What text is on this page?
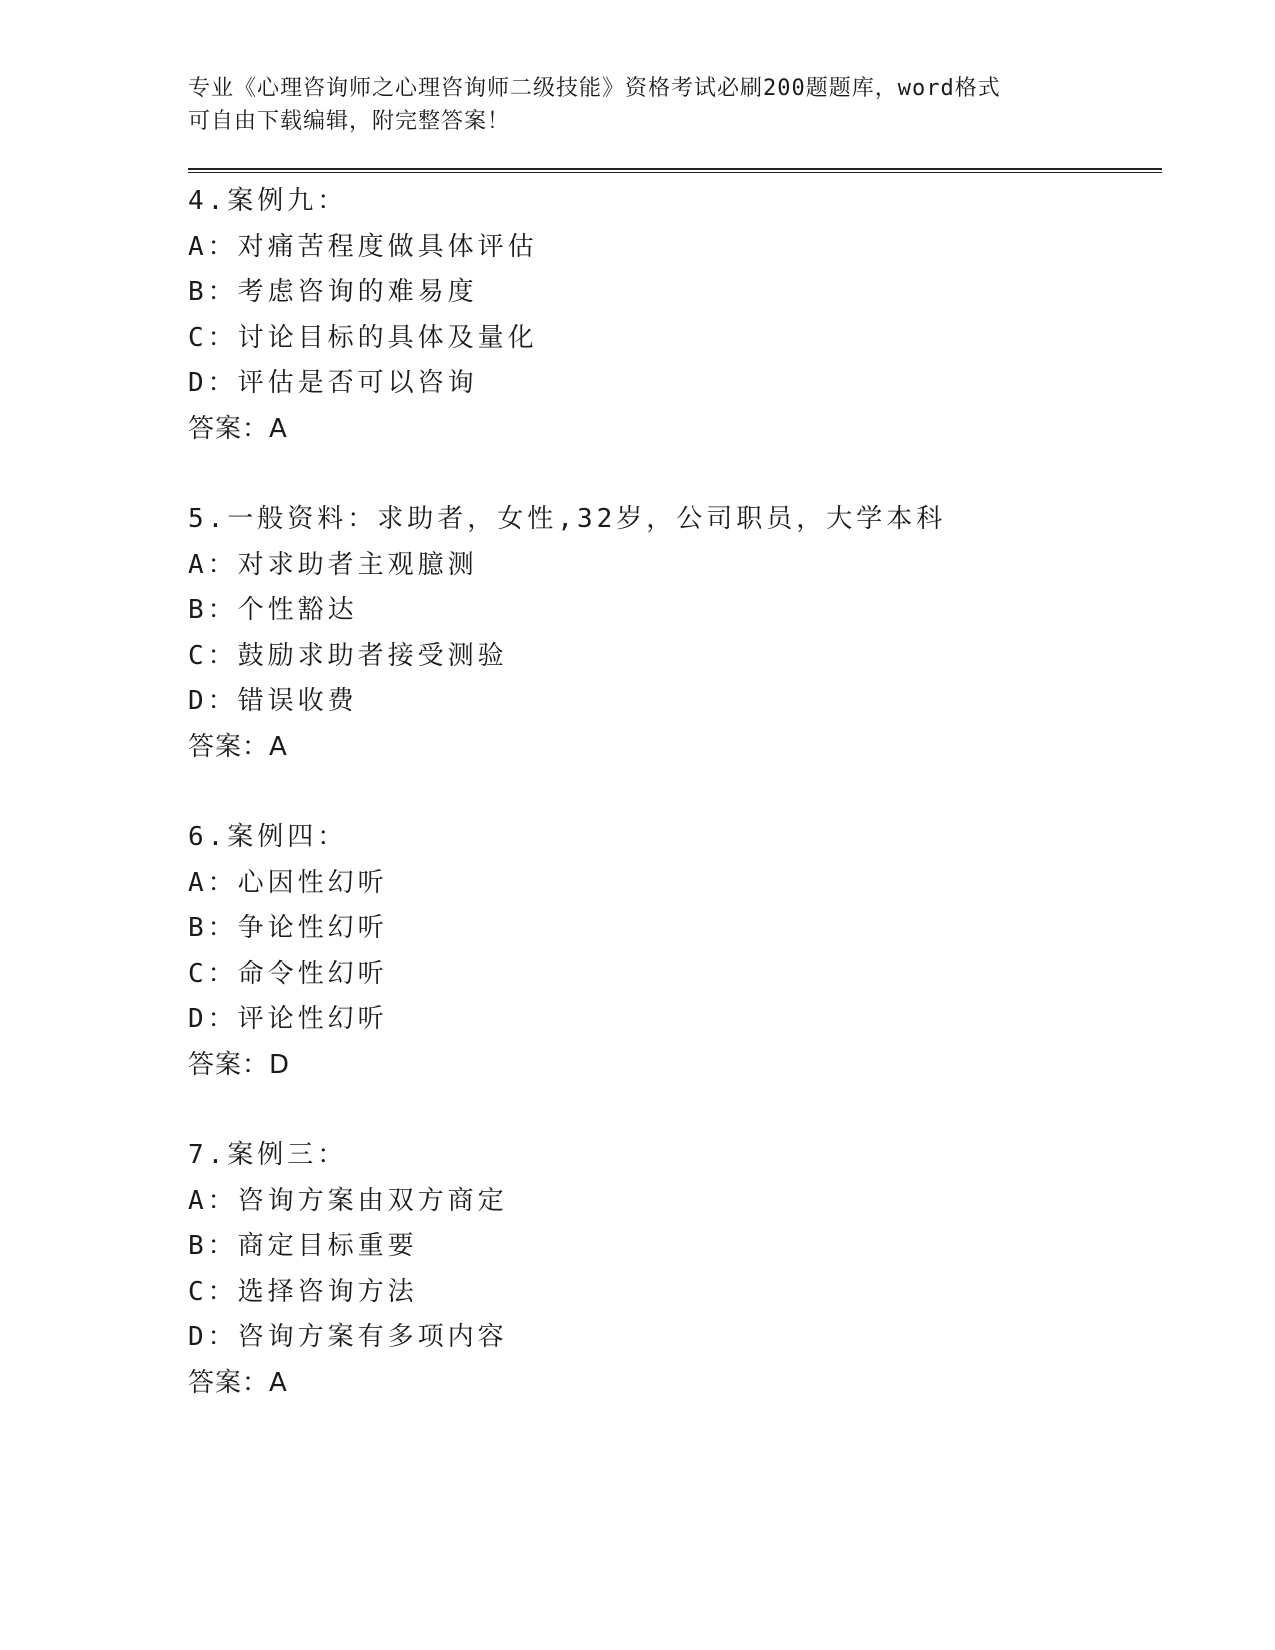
专业《心理咨询师之心理咨询师二级技能》资格考试必刷200题题库，word格式
可自由下载编辑，附完整答案！
4.案例九：
A：对痛苦程度做具体评估
B：考虑咨询的难易度
C：讨论目标的具体及量化
D：评估是否可以咨询
答案：A
5.一般资料：求助者，女性,32岁，公司职员，大学本科
A：对求助者主观臆测
B：个性豁达
C：鼓励求助者接受测验
D：错误收费
答案：A
6.案例四：
A：心因性幻听
B：争论性幻听
C：命令性幻听
D：评论性幻听
答案：D
7.案例三：
A：咨询方案由双方商定
B：商定目标重要
C：选择咨询方法
D：咨询方案有多项内容
答案：A
